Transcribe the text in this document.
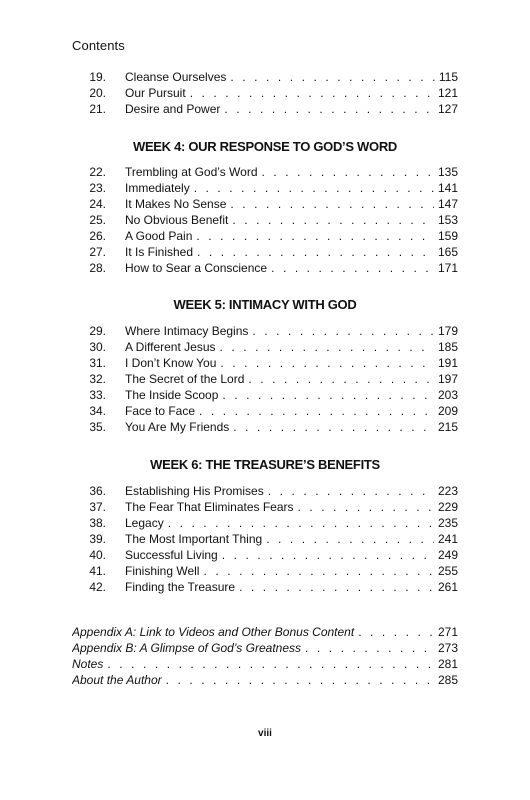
Contents
19. Cleanse Ourselves . . .	115
20. Our Pursuit . . .	121
21. Desire and Power . . .	127
WEEK 4: OUR RESPONSE TO GOD’S WORD
22. Trembling at God’s Word . . .	135
23. Immediately . . .	141
24. It Makes No Sense . . .	147
25. No Obvious Benefit . . .	153
26. A Good Pain . . .	159
27. It Is Finished . . .	165
28. How to Sear a Conscience . . .	171
WEEK 5: INTIMACY WITH GOD
29. Where Intimacy Begins . . .	179
30. A Different Jesus . . .	185
31. I Don’t Know You . . .	191
32. The Secret of the Lord . . .	197
33. The Inside Scoop . . .	203
34. Face to Face . . .	209
35. You Are My Friends . . .	215
WEEK 6: THE TREASURE’S BENEFITS
36. Establishing His Promises . . .	223
37. The Fear That Eliminates Fears . . .	229
38. Legacy . . .	235
39. The Most Important Thing . . .	241
40. Successful Living . . .	249
41. Finishing Well . . .	255
42. Finding the Treasure . . .	261
Appendix A: Link to Videos and Other Bonus Content . . .	271
Appendix B: A Glimpse of God’s Greatness . . .	273
Notes . . .	281
About the Author . . .	285
viii
